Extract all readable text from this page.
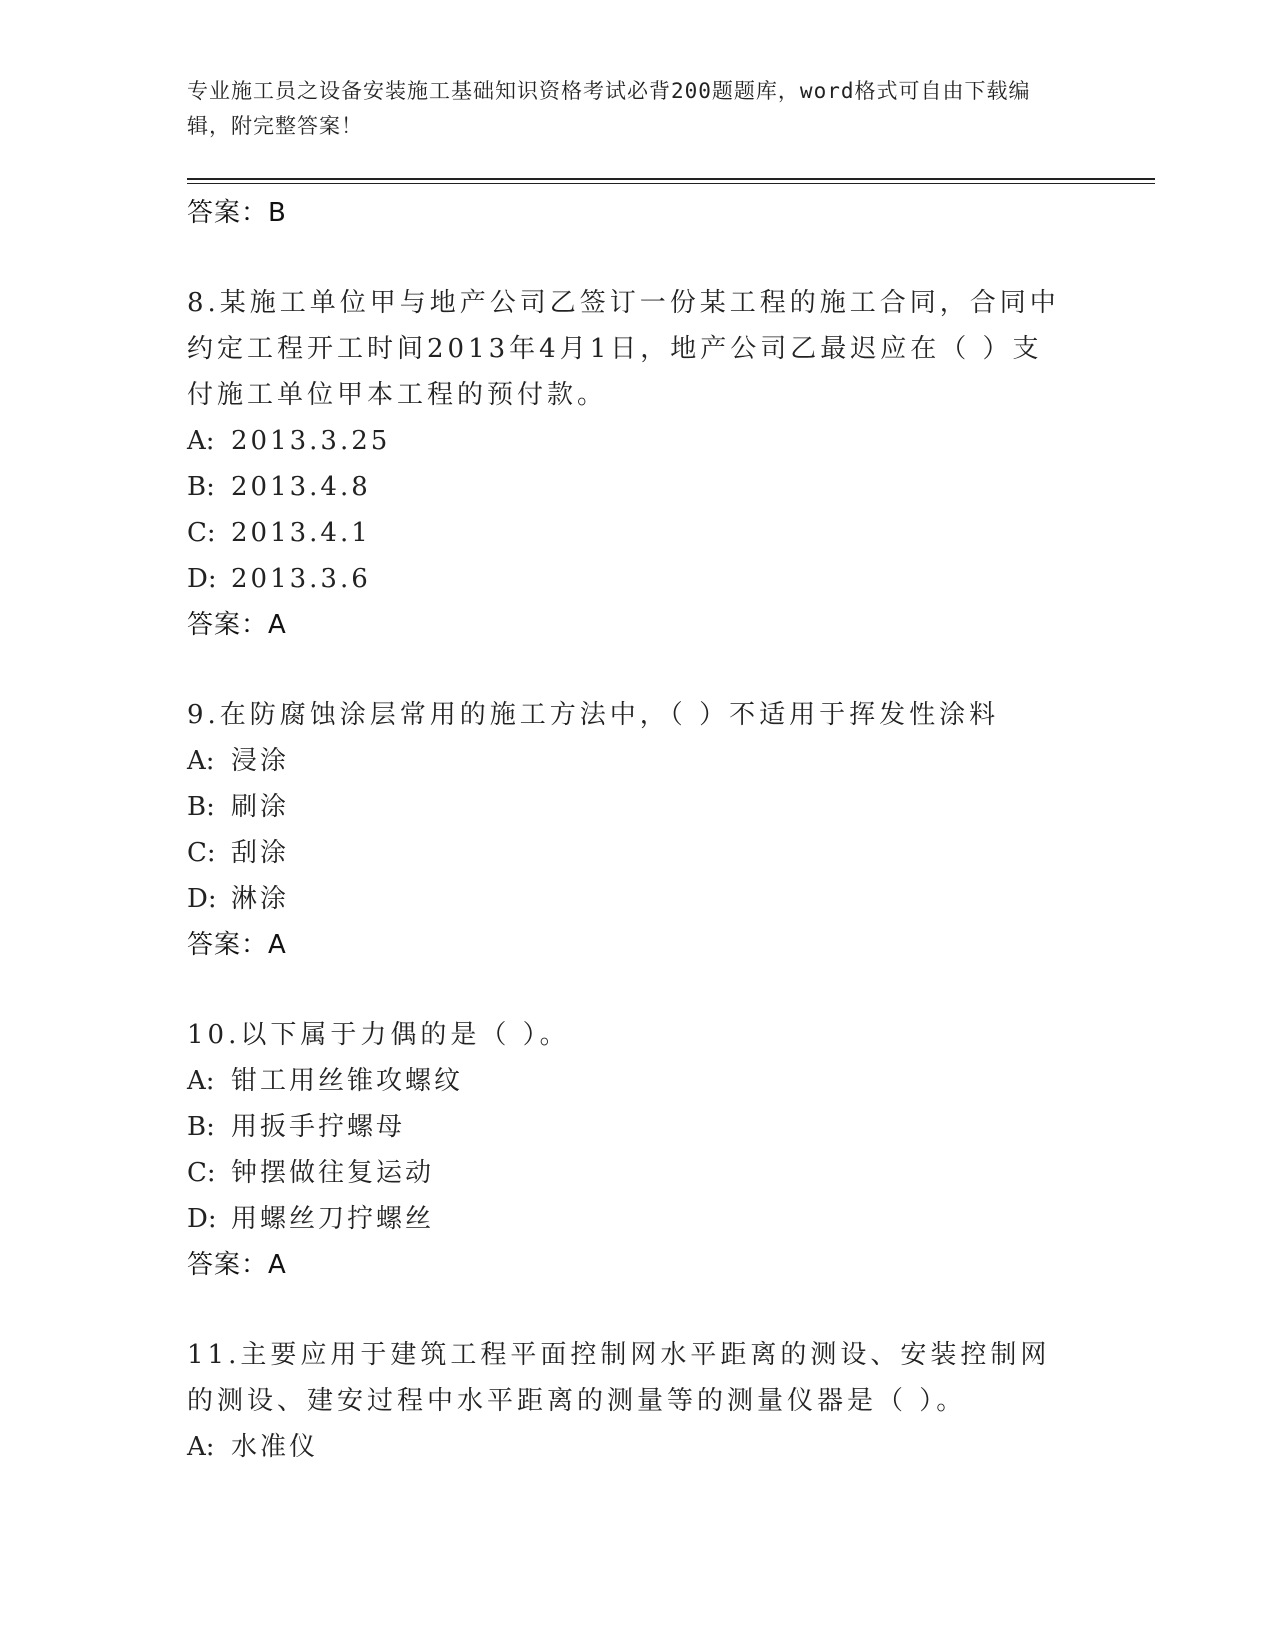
专业施工员之设备安装施工基础知识资格考试必背200题题库，word格式可自由下载编辑，附完整答案！
答案：B
8.某施工单位甲与地产公司乙签订一份某工程的施工合同，合同中约定工程开工时间2013年4月1日，地产公司乙最迟应在（ ）支付施工单位甲本工程的预付款。
A: 2013.3.25
B: 2013.4.8
C: 2013.4.1
D: 2013.3.6
答案：A
9.在防腐蚀涂层常用的施工方法中，（ ）不适用于挥发性涂料
A: 浸涂
B: 刷涂
C: 刮涂
D: 淋涂
答案：A
10.以下属于力偶的是（ ）。
A: 钳工用丝锥攻螺纹
B: 用扳手拧螺母
C: 钟摆做往复运动
D: 用螺丝刀拧螺丝
答案：A
11.主要应用于建筑工程平面控制网水平距离的测设、安装控制网的测设、建安过程中水平距离的测量等的测量仪器是（ ）。
A: 水准仪
